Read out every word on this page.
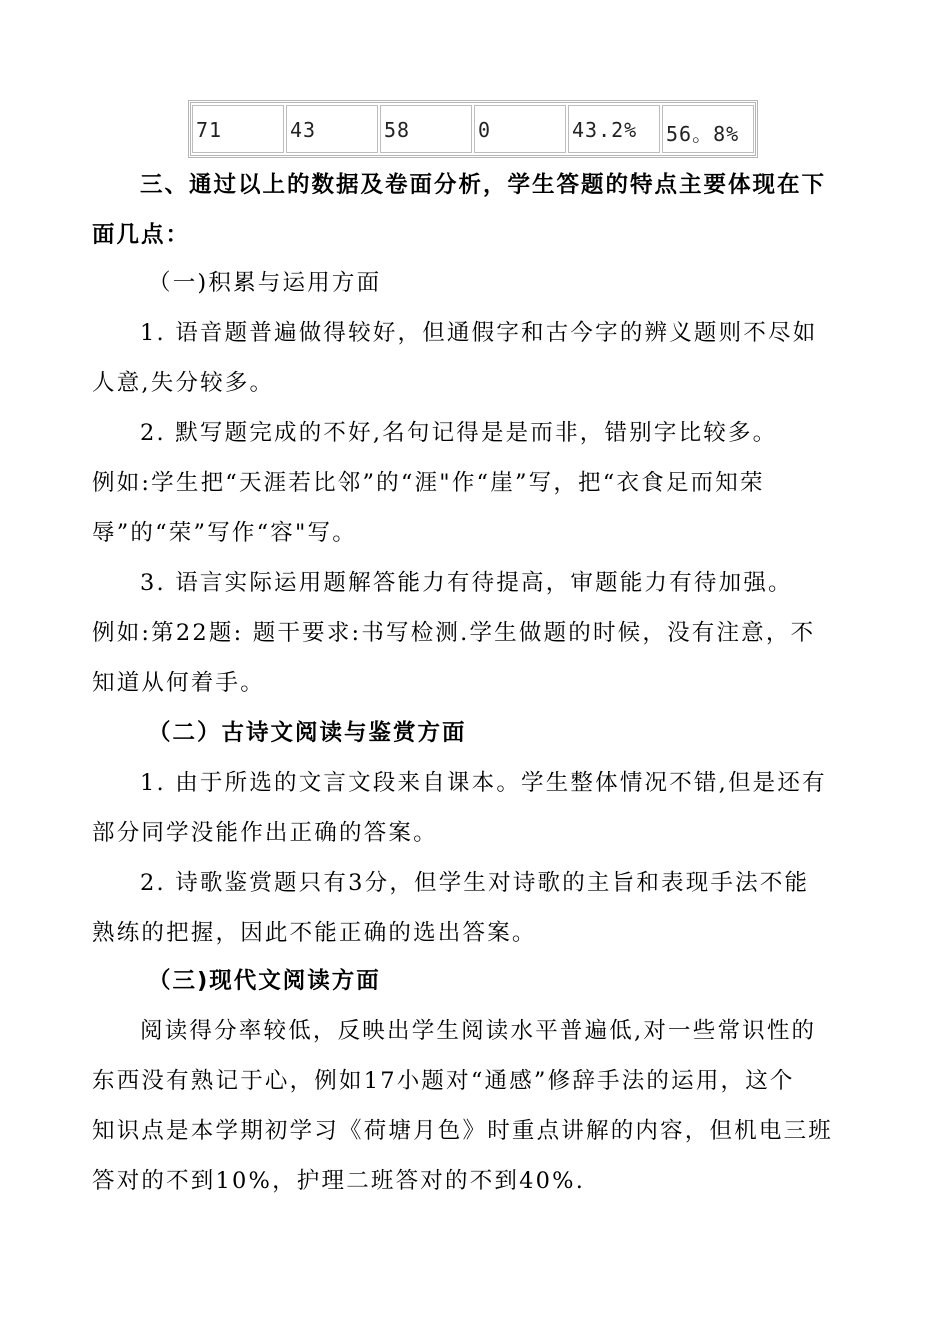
71	43	58	0	43.2%	56。8%
三、通过以上的数据及卷面分析，学生答题的特点主要体现在下
面几点：
（一)积累与运用方面
1. 语音题普遍做得较好，但通假字和古今字的辨义题则不尽如
人意,失分较多。
2. 默写题完成的不好,名句记得是是而非，错别字比较多。
例如:学生把“天涯若比邻”的“涯"作“崖”写，把“衣食足而知荣
辱”的“荣”写作“容"写。
3. 语言实际运用题解答能力有待提高，审题能力有待加强。
例如:第22题: 题干要求:书写检测.学生做题的时候，没有注意，不
知道从何着手。
（二）古诗文阅读与鉴赏方面
1. 由于所选的文言文段来自课本。学生整体情况不错,但是还有
部分同学没能作出正确的答案。
2. 诗歌鉴赏题只有3分，但学生对诗歌的主旨和表现手法不能
熟练的把握，因此不能正确的选出答案。
（三)现代文阅读方面
阅读得分率较低，反映出学生阅读水平普遍低,对一些常识性的
东西没有熟记于心，例如17小题对“通感”修辞手法的运用，这个
知识点是本学期初学习《荷塘月色》时重点讲解的内容，但机电三班
答对的不到10%，护理二班答对的不到40%.
